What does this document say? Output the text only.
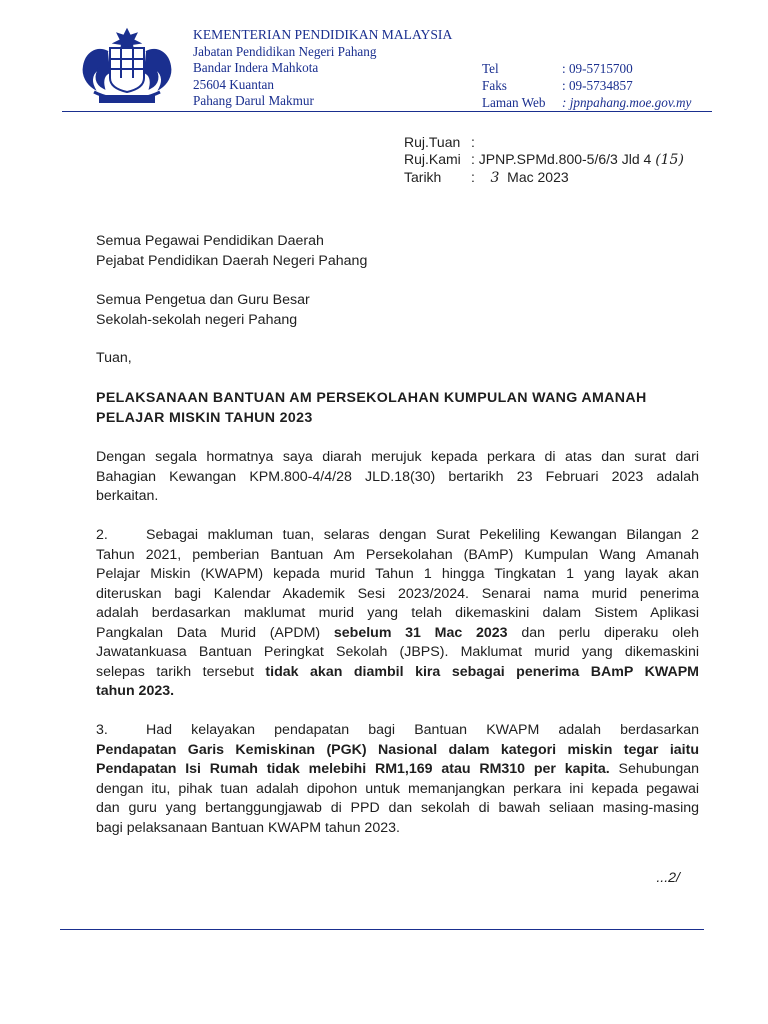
KEMENTERIAN PENDIDIKAN MALAYSIA
Jabatan Pendidikan Negeri Pahang
Bandar Indera Mahkota
25604 Kuantan
Pahang Darul Makmur
Tel	: 09-5715700
Faks	: 09-5734857
Laman Web : jpnpahang.moe.gov.my
Ruj.Tuan :
Ruj.Kami : JPNP.SPMd.800-5/6/3 Jld 4 (15)
Tarikh : 3 Mac 2023
Semua Pegawai Pendidikan Daerah
Pejabat Pendidikan Daerah Negeri Pahang
Semua Pengetua dan Guru Besar
Sekolah-sekolah negeri Pahang
Tuan,
PELAKSANAAN BANTUAN AM PERSEKOLAHAN KUMPULAN WANG AMANAH
PELAJAR MISKIN TAHUN 2023

Dengan segala hormatnya saya diarah merujuk kepada perkara di atas dan surat dari

Bahagian Kewangan KPM.800-4/4/28 JLD.18(30) bertarikh 23 Februari 2023 adalah

berkaitan.

2.	Sebagai makluman tuan, selaras dengan Surat Pekeliling Kewangan Bilangan 2

Tahun 2021, pemberian Bantuan Am Persekolahan (BAmP) Kumpulan Wang Amanah

Pelajar Miskin (KWAPM) kepada murid Tahun 1 hingga Tingkatan 1 yang layak akan

diteruskan bagi Kalendar Akademik Sesi 2023/2024. Senarai nama murid penerima

adalah berdasarkan maklumat murid yang telah dikemaskini dalam Sistem Aplikasi

Pangkalan Data Murid (APDM) sebelum 31 Mac 2023 dan perlu diperaku oleh

Jawatankuasa Bantuan Peringkat Sekolah (JBPS). Maklumat murid yang dikemaskini

selepas tarikh tersebut tidak akan diambil kira sebagai penerima BAmP KWAPM

tahun 2023.

3.	Had kelayakan pendapatan bagi Bantuan KWAPM adalah berdasarkan

Pendapatan Garis Kemiskinan (PGK) Nasional dalam kategori miskin tegar iaitu

Pendapatan Isi Rumah tidak melebihi RM1,169 atau RM310 per kapita. Sehubungan

dengan itu, pihak tuan adalah dipohon untuk memanjangkan perkara ini kepada pegawai

dan guru yang bertanggungjawab di PPD dan sekolah di bawah seliaan masing-masing

bagi pelaksanaan Bantuan KWAPM tahun 2023.

...2/
